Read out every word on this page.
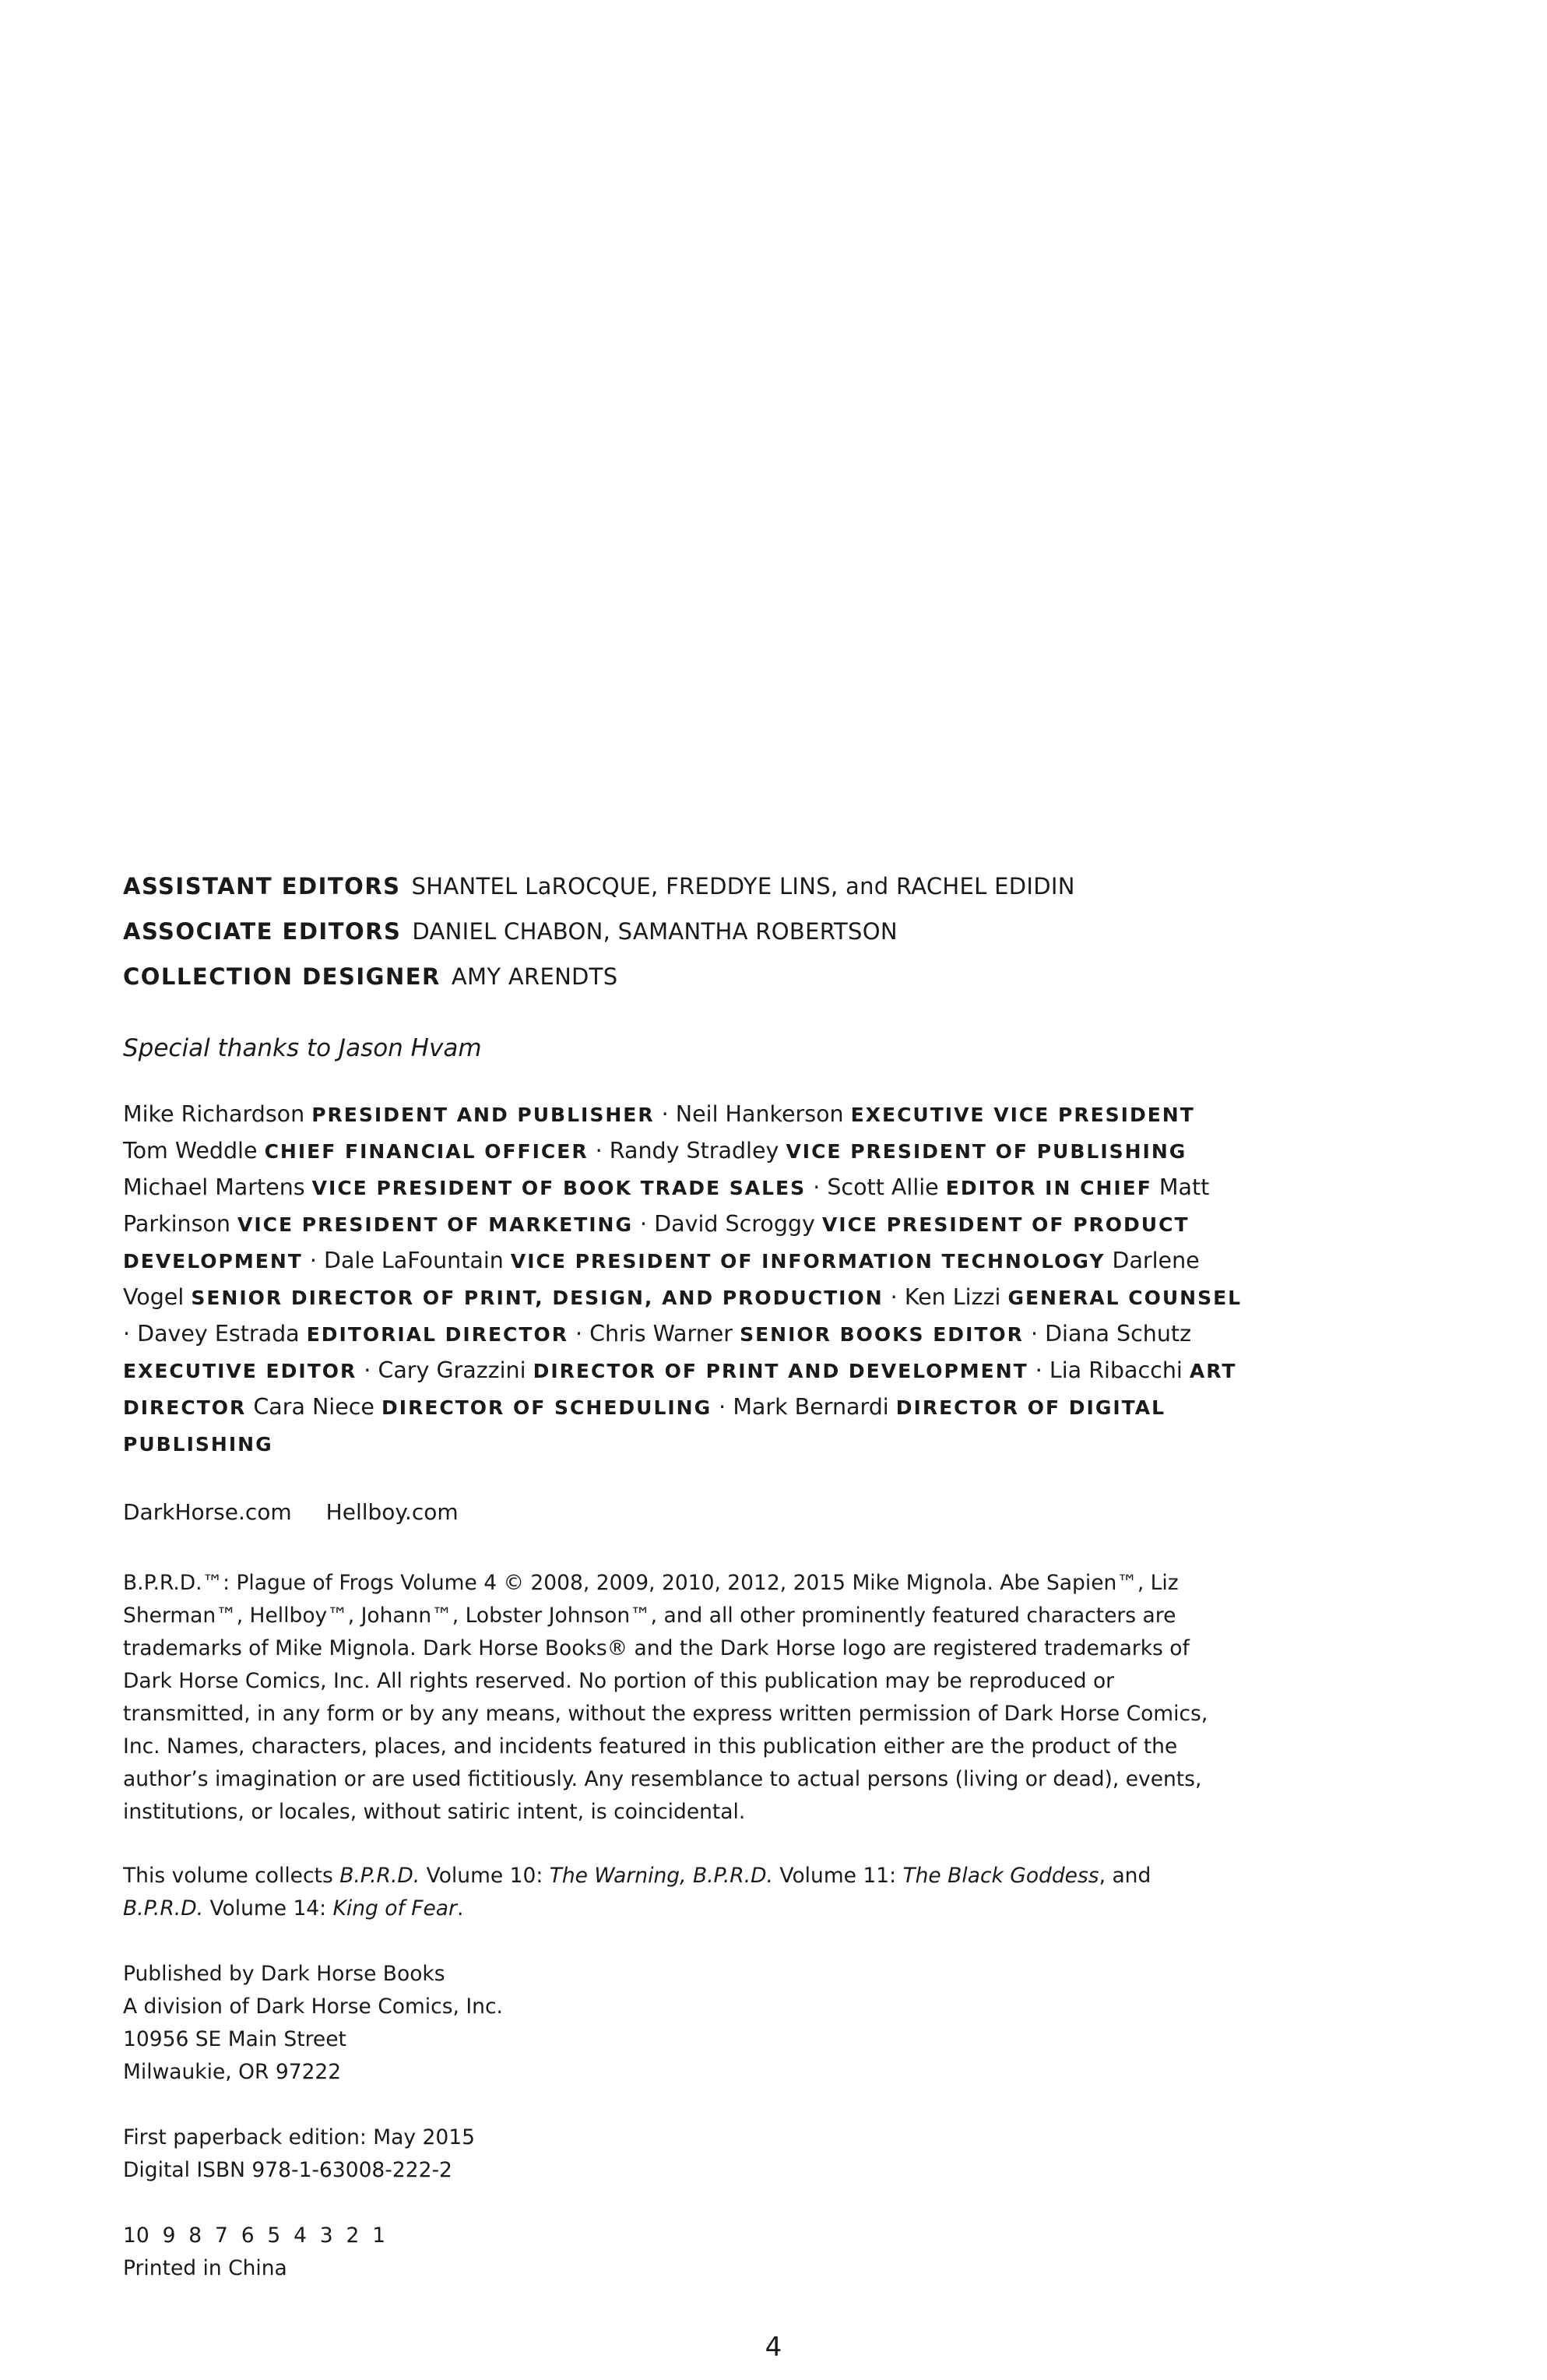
ASSISTANT EDITORS SHANTEL LaROCQUE, FREDDYE LINS, and RACHEL EDIDIN
ASSOCIATE EDITORS DANIEL CHABON, SAMANTHA ROBERTSON
COLLECTION DESIGNER AMY ARENDTS
Special thanks to Jason Hvam
Mike Richardson PRESIDENT AND PUBLISHER · Neil Hankerson EXECUTIVE VICE PRESIDENT Tom Weddle CHIEF FINANCIAL OFFICER · Randy Stradley VICE PRESIDENT OF PUBLISHING Michael Martens VICE PRESIDENT OF BOOK TRADE SALES · Scott Allie EDITOR IN CHIEF Matt Parkinson VICE PRESIDENT OF MARKETING · David Scroggy VICE PRESIDENT OF PRODUCT DEVELOPMENT · Dale LaFountain VICE PRESIDENT OF INFORMATION TECHNOLOGY Darlene Vogel SENIOR DIRECTOR OF PRINT, DESIGN, AND PRODUCTION · Ken Lizzi GENERAL COUNSEL · Davey Estrada EDITORIAL DIRECTOR · Chris Warner SENIOR BOOKS EDITOR · Diana Schutz EXECUTIVE EDITOR · Cary Grazzini DIRECTOR OF PRINT AND DEVELOPMENT · Lia Ribacchi ART DIRECTOR Cara Niece DIRECTOR OF SCHEDULING · Mark Bernardi DIRECTOR OF DIGITAL PUBLISHING
DarkHorse.com Hellboy.com
B.P.R.D.™: Plague of Frogs Volume 4 © 2008, 2009, 2010, 2012, 2015 Mike Mignola. Abe Sapien™, Liz Sherman™, Hellboy™, Johann™, Lobster Johnson™, and all other prominently featured characters are trademarks of Mike Mignola. Dark Horse Books® and the Dark Horse logo are registered trademarks of Dark Horse Comics, Inc. All rights reserved. No portion of this publication may be reproduced or transmitted, in any form or by any means, without the express written permission of Dark Horse Comics, Inc. Names, characters, places, and incidents featured in this publication either are the product of the author’s imagination or are used fictitiously. Any resemblance to actual persons (living or dead), events, institutions, or locales, without satiric intent, is coincidental.
This volume collects B.P.R.D. Volume 10: The Warning, B.P.R.D. Volume 11: The Black Goddess, and
B.P.R.D. Volume 14: King of Fear.
Published by Dark Horse Books
A division of Dark Horse Comics, Inc.
10956 SE Main Street
Milwaukie, OR 97222
First paperback edition: May 2015
Digital ISBN 978-1-63008-222-2
10  9  8  7  6  5  4  3  2  1
Printed in China
4
